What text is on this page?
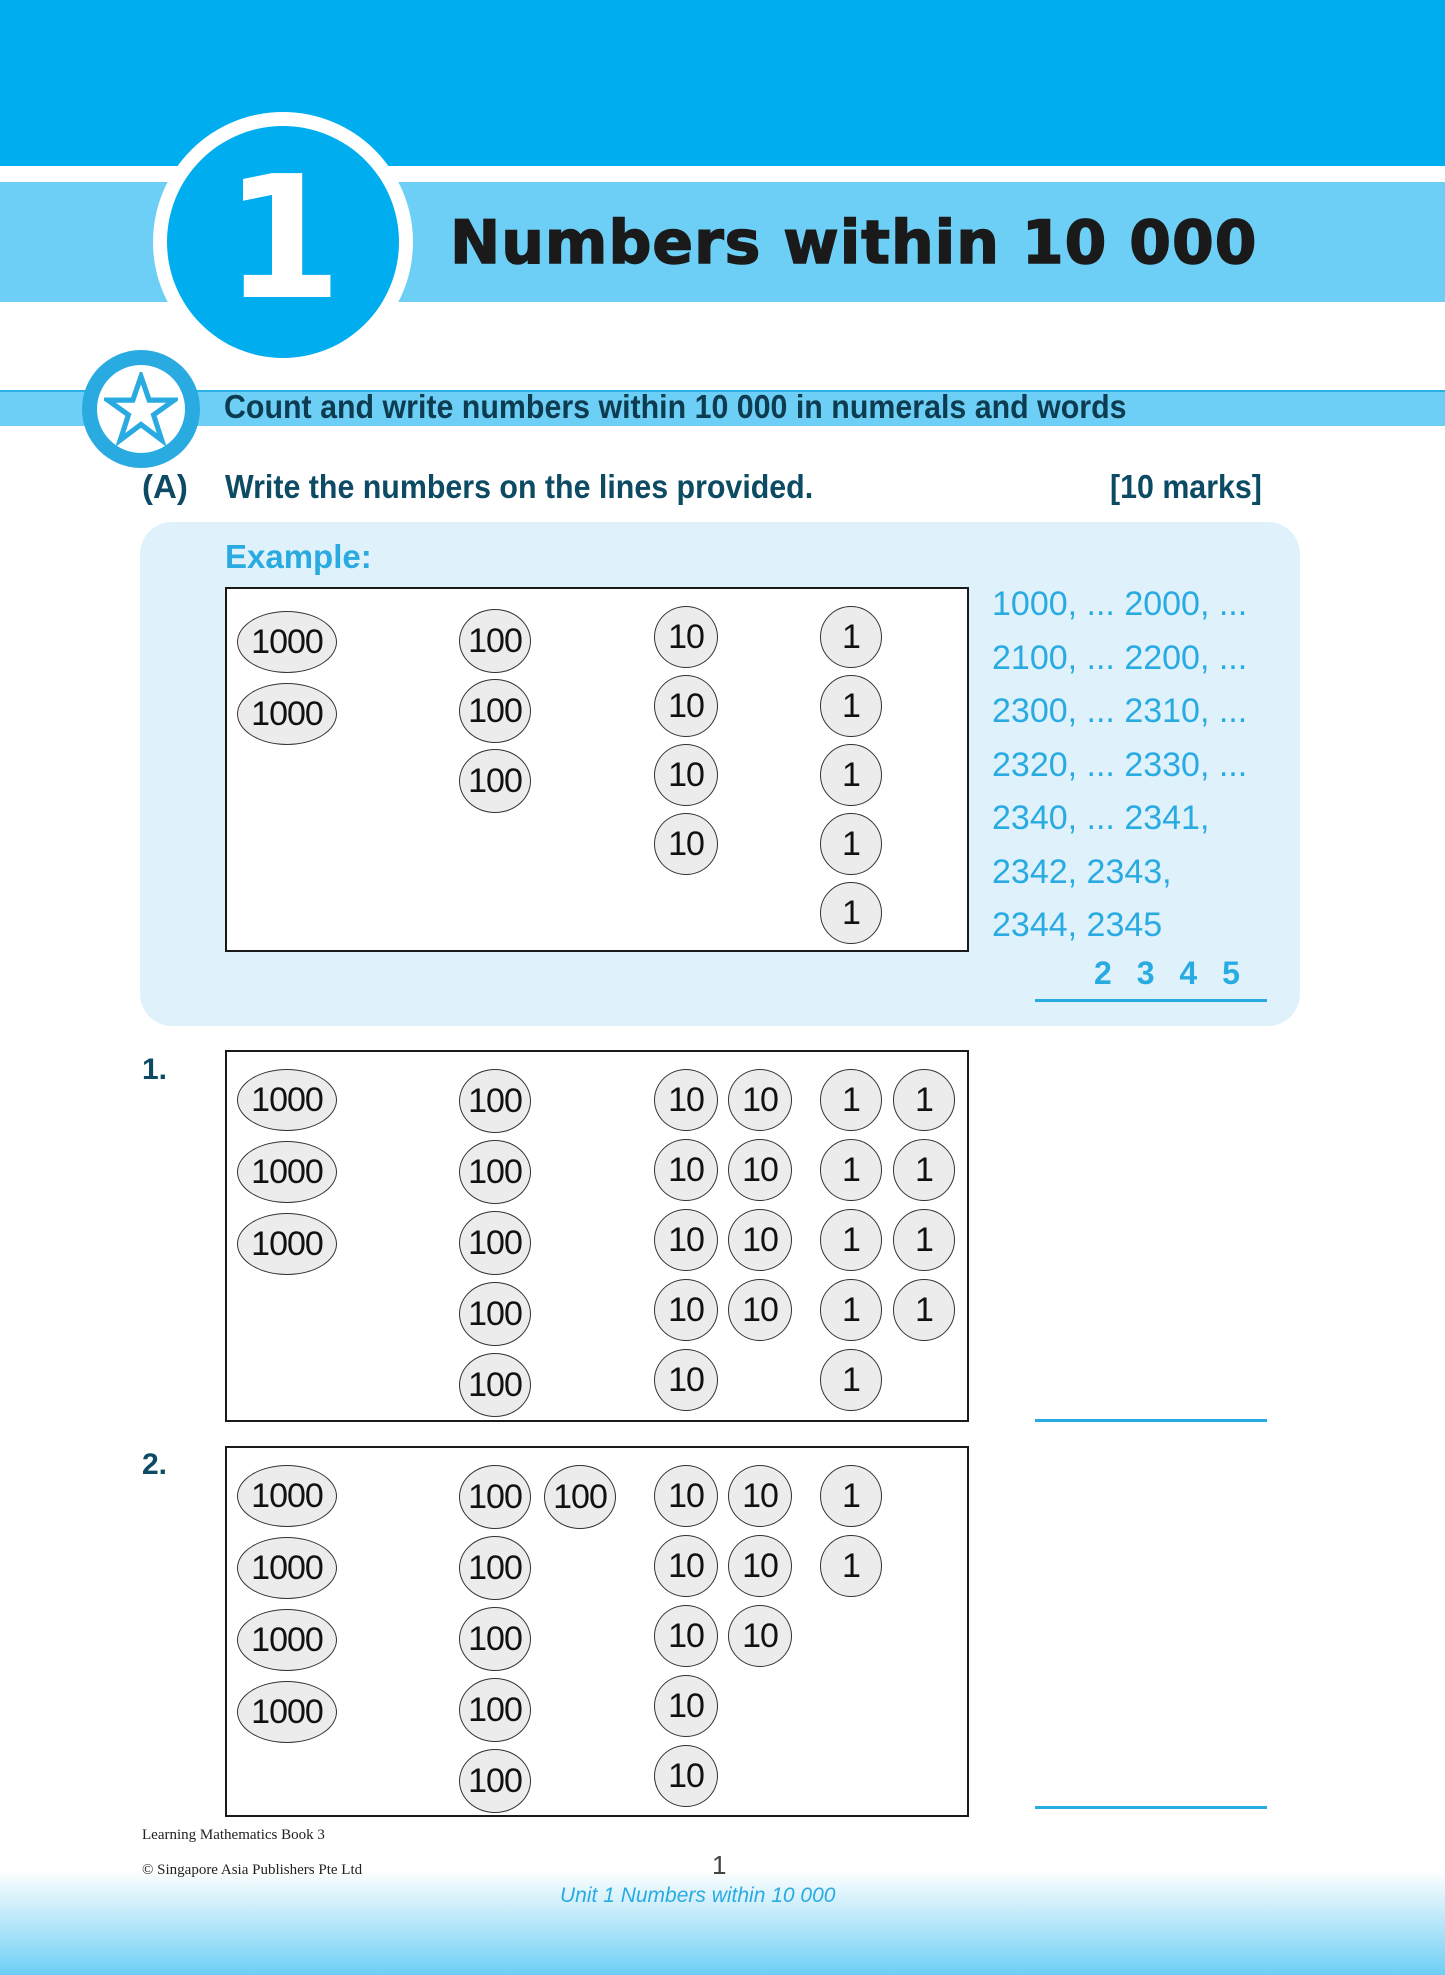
1 Numbers within 10 000
Count and write numbers within 10 000 in numerals and words
(A) Write the numbers on the lines provided.	[10 marks]
Example:
1000
1000
100
100
100
10
10
10
10
1
1
1
1
1
1000, ... 2000, ...
2100, ... 2200, ...
2300, ... 2310, ...
2320, ... 2330, ...
2340, ... 2341,
2342, 2343,
2344, 2345
2 3 4 5
1.
1000
1000
1000
100
100
100
100
100
10
10
10
10
10
10
10
10
10
1
1
1
1
1
1
1
1
1
2.
1000
1000
1000
1000
100
100
100
100
100
100	10
10
10
10
10
10
10
10
1
1
Learning Mathematics Book 3
© Singapore Asia Publishers Pte Ltd	1
Unit 1 Numbers within 10 000
